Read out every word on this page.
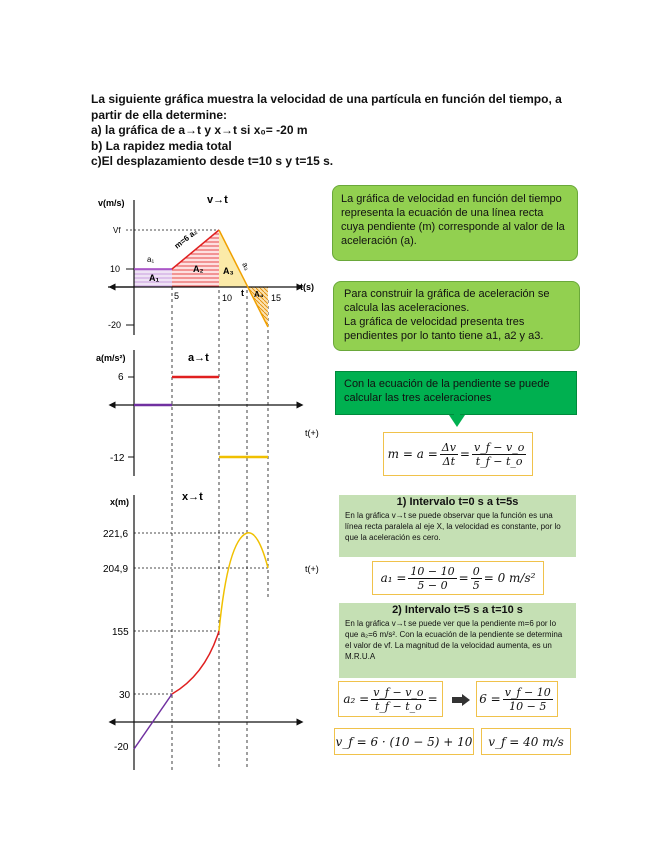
La siguiente gráfica muestra la velocidad de una partícula en función del tiempo, a
partir de ella determine:
a) la gráfica de a→t y x→t si x₀= -20 m
b) La rapidez media total
c)El desplazamiento desde t=10 s y t=15 s.
v(m/s)	v→t
Vf
10
-20
5	10	15
t(s)
m=6 a₂
a₁
a₃
A₁
A₂ A₃
A₄
t
a(m/s²)	a→t
6
-12
t(+)
x(m)	x→t
221,6
204,9
155
30
-20
t(+)
La gráfica de velocidad en función del tiempo representa la ecuación de una línea recta cuya pendiente (m) corresponde al valor de la aceleración (a).
Para construir la gráfica de aceleración se calcula las aceleraciones.
La gráfica de velocidad presenta tres pendientes por lo tanto tiene a1, a2 y a3.
Con la ecuación de la pendiente se puede calcular las tres aceleraciones
$m = a = \frac{\Delta v}{\Delta t} = \frac{v\_f - v\_o}{t\_f - t\_o}$
1) Intervalo t=0 s a t=5s
En la gráfica v→t se puede observar que la función es una línea recta paralela al eje X, la velocidad es constante, por lo que la aceleración es cero.
$a_1 = \frac{10 - 10}{5 - 0} = \frac{0}{5} = 0$ m/s²
2) Intervalo t=5 s a t=10 s
En la gráfica v→t se puede ver que la pendiente m=6 por lo que a₂=6 m/s². Con la ecuación de la pendiente se determina el valor de vf. La magnitud de la velocidad aumenta, es un M.R.U.A
$a_2 = \frac{v\_f - v\_o}{t\_f - t\_o}$ =	$6 = \frac{v\_f - 10}{10 - 5}$
v_f = 6 · (10 − 5) + 10 v_f = 40 m/s
